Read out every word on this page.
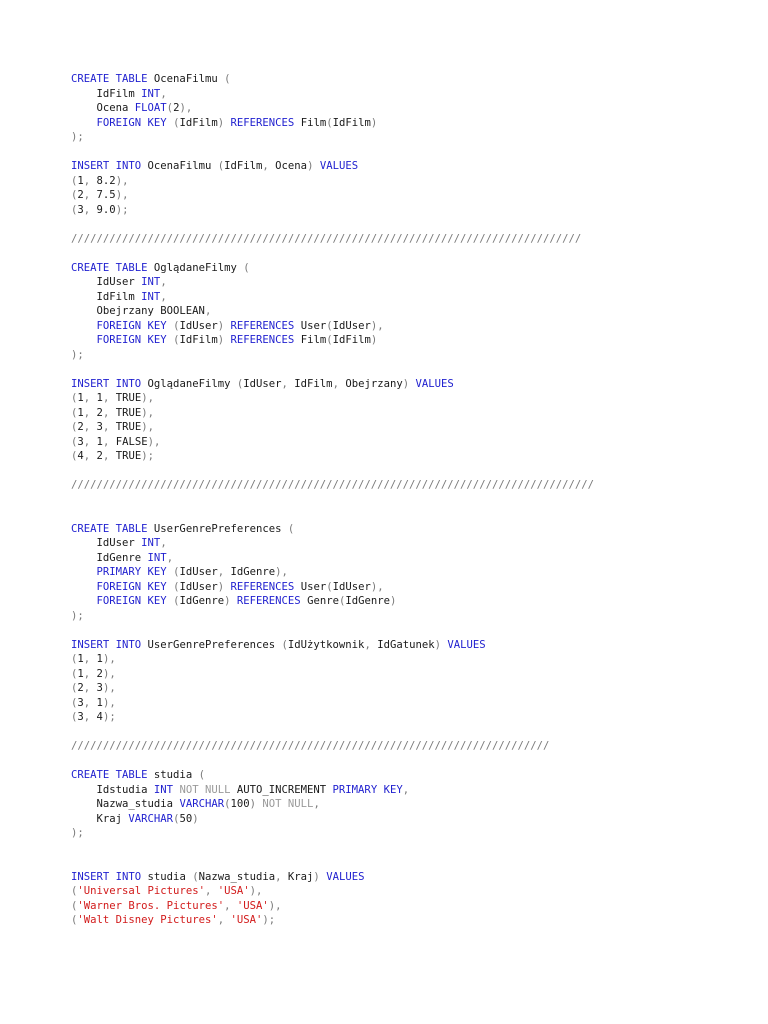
CREATE TABLE OcenaFilmu (
IdFilm INT,
Ocena FLOAT(2),
FOREIGN KEY (IdFilm) REFERENCES Film(IdFilm)
);

INSERT INTO OcenaFilmu (IdFilm, Ocena) VALUES
(1, 8.2),
(2, 7.5),
(3, 9.0);

////////////////////////////////////////////////////////////////////////////////

CREATE TABLE OglądaneFilmy (
IdUser INT,
IdFilm INT,
Obejrzany BOOLEAN,
FOREIGN KEY (IdUser) REFERENCES User(IdUser),
FOREIGN KEY (IdFilm) REFERENCES Film(IdFilm)
);

INSERT INTO OglądaneFilmy (IdUser, IdFilm, Obejrzany) VALUES
(1, 1, TRUE),
(1, 2, TRUE),
(2, 3, TRUE),
(3, 1, FALSE),
(4, 2, TRUE);

//////////////////////////////////////////////////////////////////////////////////

CREATE TABLE UserGenrePreferences (
IdUser INT,
IdGenre INT,
PRIMARY KEY (IdUser, IdGenre),
FOREIGN KEY (IdUser) REFERENCES User(IdUser),
FOREIGN KEY (IdGenre) REFERENCES Genre(IdGenre)
);

INSERT INTO UserGenrePreferences (IdUżytkownik, IdGatunek) VALUES
(1, 1),
(1, 2),
(2, 3),
(3, 1),
(3, 4);

///////////////////////////////////////////////////////////////////////////

CREATE TABLE studia (
Idstudia INT NOT NULL AUTO_INCREMENT PRIMARY KEY,
Nazwa_studia VARCHAR(100) NOT NULL,
Kraj VARCHAR(50)
);

INSERT INTO studia (Nazwa_studia, Kraj) VALUES
('Universal Pictures', 'USA'),
('Warner Bros. Pictures', 'USA'),
('Walt Disney Pictures', 'USA');
